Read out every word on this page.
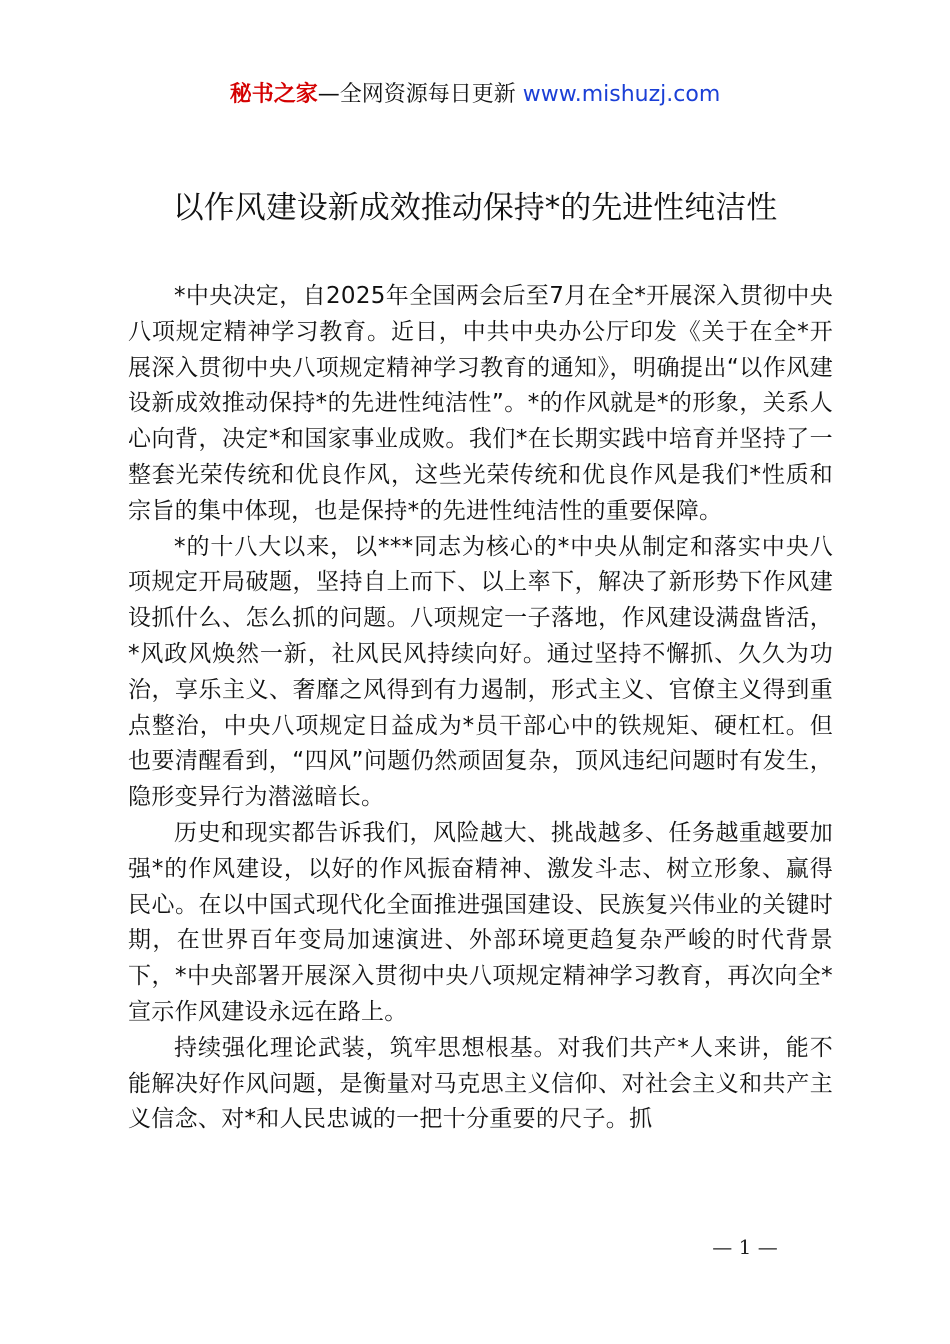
秘书之家—全网资源每日更新 www.mishuzj.com
以作风建设新成效推动保持*的先进性纯洁性

*中央决定，自2025年全国两会后至7月在全*开展深入贯彻中央八项规定精神学习教育。近日，中共中央办公厅印发《关于在全*开展深入贯彻中央八项规定精神学习教育的通知》，明确提出“以作风建设新成效推动保持*的先进性纯洁性”。*的作风就是*的形象，关系人心向背，决定*和国家事业成败。我们*在长期实践中培育并坚持了一整套光荣传统和优良作风，这些光荣传统和优良作风是我们*性质和宗旨的集中体现，也是保持*的先进性纯洁性的重要保障。

*的十八大以来，以***同志为核心的*中央从制定和落实中央八项规定开局破题，坚持自上而下、以上率下，解决了新形势下作风建设抓什么、怎么抓的问题。八项规定一子落地，作风建设满盘皆活，*风政风焕然一新，社风民风持续向好。通过坚持不懈抓、久久为功治，享乐主义、奢靡之风得到有力遏制，形式主义、官僚主义得到重点整治，中央八项规定日益成为*员干部心中的铁规矩、硬杠杠。但也要清醒看到，“四风”问题仍然顽固复杂，顶风违纪问题时有发生，隐形变异行为潜滋暗长。

历史和现实都告诉我们，风险越大、挑战越多、任务越重越要加强*的作风建设，以好的作风振奋精神、激发斗志、树立形象、赢得民心。在以中国式现代化全面推进强国建设、民族复兴伟业的关键时期，在世界百年变局加速演进、外部环境更趋复杂严峻的时代背景下，*中央部署开展深入贯彻中央八项规定精神学习教育，再次向全*宣示作风建设永远在路上。

持续强化理论武装，筑牢思想根基。对我们共产*人来讲，能不能解决好作风问题，是衡量对马克思主义信仰、对社会主义和共产主义信念、对*和人民忠诚的一把十分重要的尺子。抓

— 1 —
